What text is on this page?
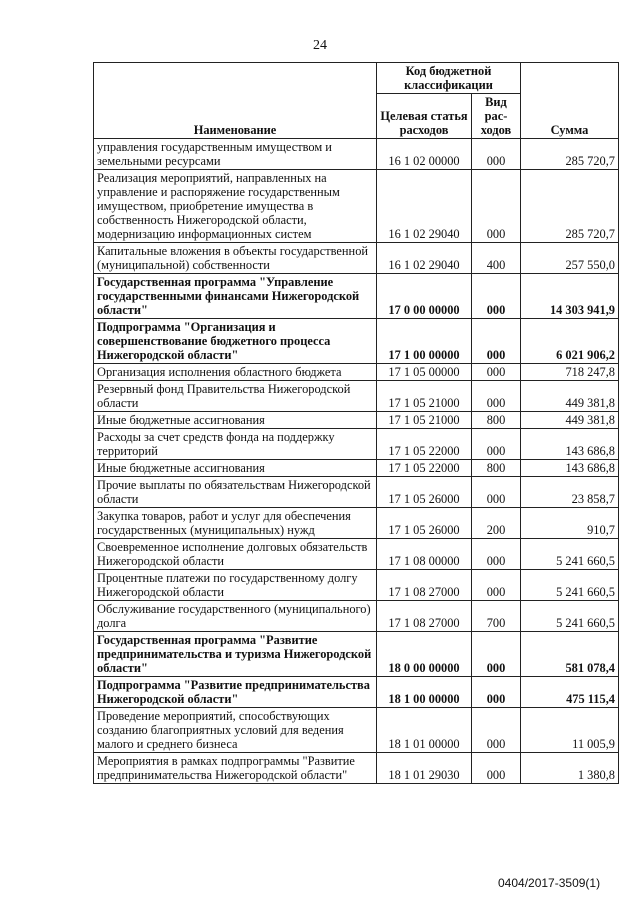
24
Наименование	Код бюджетной классификации		Сумма
	Целевая статья расходов	Вид рас-ходов	
управления государственным имуществом и земельными ресурсами	16 1 02 00000	000	285 720,7
Реализация мероприятий, направленных на управление и распоряжение государственным имуществом, приобретение имущества в собственность Нижегородской области, модернизацию информационных систем	16 1 02 29040	000	285 720,7
Капитальные вложения в объекты государственной (муниципальной) собственности	16 1 02 29040	400	257 550,0
Государственная программа "Управление государственными финансами Нижегородской области"	17 0 00 00000	000	14 303 941,9
Подпрограмма "Организация и совершенствование бюджетного процесса Нижегородской области"	17 1 00 00000	000	6 021 906,2
Организация исполнения областного бюджета	17 1 05 00000	000	718 247,8
Резервный фонд Правительства Нижегородской области	17 1 05 21000	000	449 381,8
Иные бюджетные ассигнования	17 1 05 21000	800	449 381,8
Расходы за счет средств фонда на поддержку территорий	17 1 05 22000	000	143 686,8
Иные бюджетные ассигнования	17 1 05 22000	800	143 686,8
Прочие выплаты по обязательствам Нижегородской области	17 1 05 26000	000	23 858,7
Закупка товаров, работ и услуг для обеспечения государственных (муниципальных) нужд	17 1 05 26000	200	910,7
Своевременное исполнение долговых обязательств Нижегородской области	17 1 08 00000	000	5 241 660,5
Процентные платежи по государственному долгу Нижегородской области	17 1 08 27000	000	5 241 660,5
Обслуживание государственного (муниципального) долга	17 1 08 27000	700	5 241 660,5
Государственная программа "Развитие предпринимательства и туризма Нижегородской области"	18 0 00 00000	000	581 078,4
Подпрограмма "Развитие предпринимательства Нижегородской области"	18 1 00 00000	000	475 115,4
Проведение мероприятий, способствующих созданию благоприятных условий для ведения малого и среднего бизнеса	18 1 01 00000	000	11 005,9
Мероприятия в рамках подпрограммы "Развитие предпринимательства Нижегородской области"	18 1 01 29030	000	1 380,8
0404/2017-3509(1)
